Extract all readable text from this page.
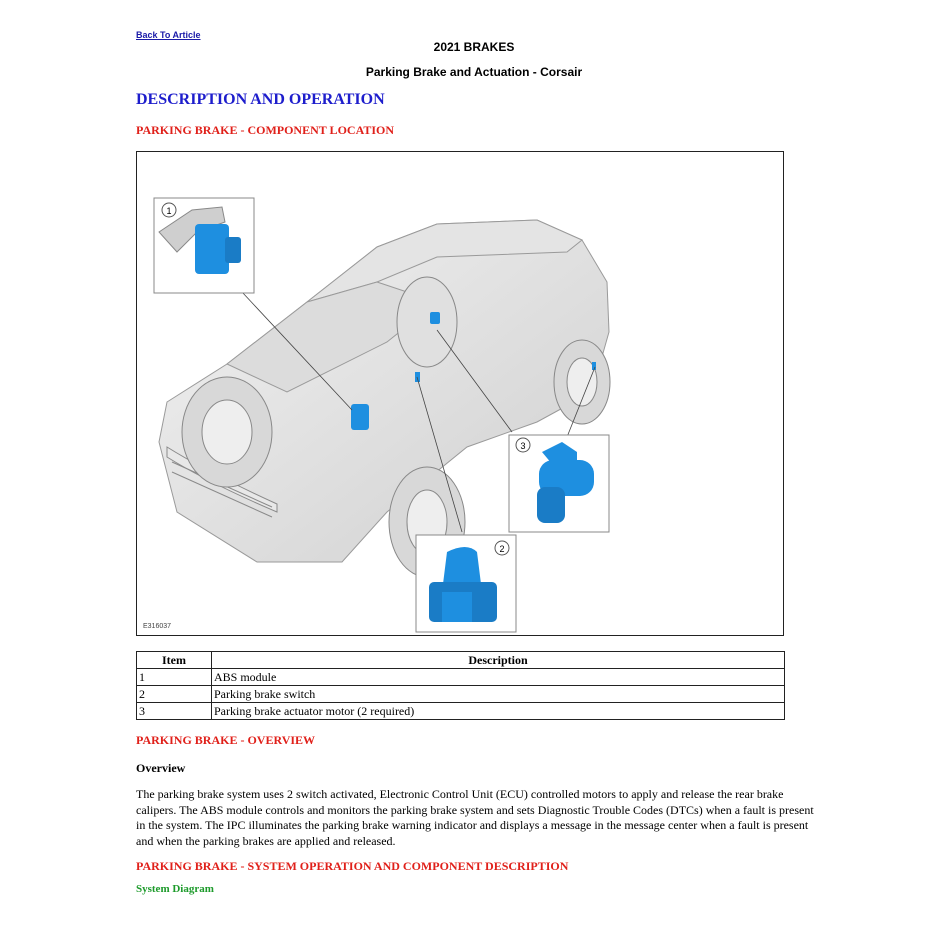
Back To Article
2021 BRAKES
Parking Brake and Actuation - Corsair
DESCRIPTION AND OPERATION
PARKING BRAKE - COMPONENT LOCATION
1
3
2
E316037
Item	Description
1	ABS module
2	Parking brake switch
3	Parking brake actuator motor (2 required)
PARKING BRAKE - OVERVIEW
Overview
The parking brake system uses 2 switch activated, Electronic Control Unit (ECU) controlled motors to apply and release the rear brake calipers. The ABS module controls and monitors the parking brake system and sets Diagnostic Trouble Codes (DTCs) when a fault is present in the system. The IPC illuminates the parking brake warning indicator and displays a message in the message center when a fault is present and when the parking brakes are applied and released.
PARKING BRAKE - SYSTEM OPERATION AND COMPONENT DESCRIPTION
System Diagram
